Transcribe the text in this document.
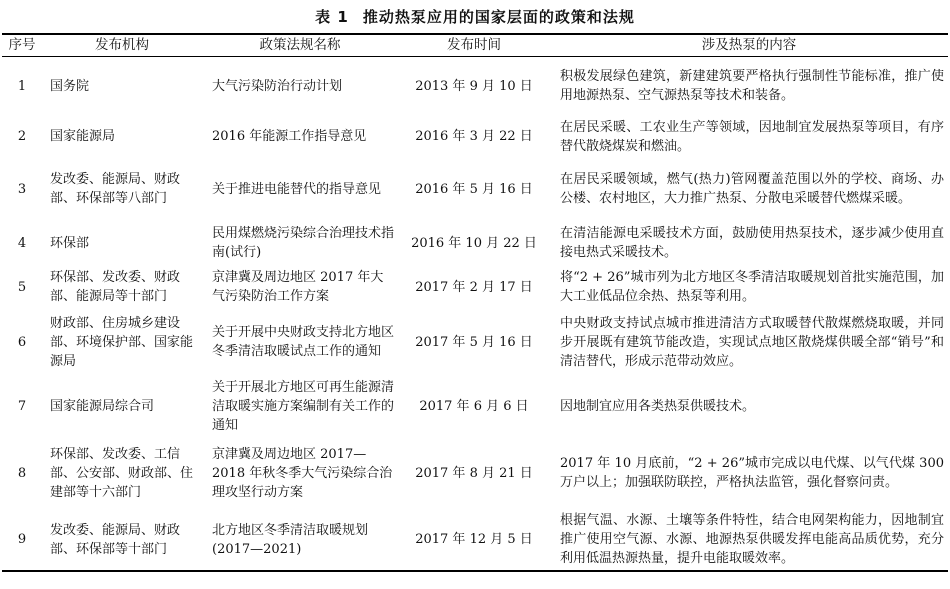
表 1 推动热泵应用的国家层面的政策和法规
序号	发布机构	政策法规名称	发布时间	涉及热泵的内容
1	国务院	大气污染防治行动计划	2013 年 9 月 10 日	积极发展绿色建筑，新建建筑要严格执行强制性节能标准，推广使用地源热泵、空气源热泵等技术和装备。
2	国家能源局	2016 年能源工作指导意见	2016 年 3 月 22 日	在居民采暖、工农业生产等领域，因地制宜发展热泵等项目，有序替代散烧煤炭和燃油。
3	发改委、能源局、财政部、环保部等八部门	关于推进电能替代的指导意见	2016 年 5 月 16 日	在居民采暖领域，燃气(热力)管网覆盖范围以外的学校、商场、办公楼、农村地区，大力推广热泵、分散电采暖替代燃煤采暖。
4	环保部	民用煤燃烧污染综合治理技术指南(试行)	2016 年 10 月 22 日	在清洁能源电采暖技术方面，鼓励使用热泵技术，逐步减少使用直接电热式采暖技术。
5	环保部、发改委、财政部、能源局等十部门	京津冀及周边地区 2017 年大气污染防治工作方案	2017 年 2 月 17 日	将“2 + 26”城市列为北方地区冬季清洁取暖规划首批实施范围，加大工业低品位余热、热泵等利用。
6	财政部、住房城乡建设部、环境保护部、国家能源局	关于开展中央财政支持北方地区冬季清洁取暖试点工作的通知	2017 年 5 月 16 日	中央财政支持试点城市推进清洁方式取暖替代散煤燃烧取暖，并同步开展既有建筑节能改造，实现试点地区散烧煤供暖全部“销号”和清洁替代，形成示范带动效应。
7	国家能源局综合司	关于开展北方地区可再生能源清洁取暖实施方案编制有关工作的通知	2017 年 6 月 6 日	因地制宜应用各类热泵供暖技术。
8	环保部、发改委、工信部、公安部、财政部、住建部等十六部门	京津冀及周边地区 2017—2018 年秋冬季大气污染综合治理攻坚行动方案	2017 年 8 月 21 日	2017 年 10 月底前，“2 + 26”城市完成以电代煤、以气代煤 300 万户以上；加强联防联控，严格执法监管，强化督察问责。
9	发改委、能源局、财政部、环保部等十部门	北方地区冬季清洁取暖规划(2017—2021)	2017 年 12 月 5 日	根据气温、水源、土壤等条件特性，结合电网架构能力，因地制宜推广使用空气源、水源、地源热泵供暖发挥电能高品质优势，充分利用低温热源热量，提升电能取暖效率。
